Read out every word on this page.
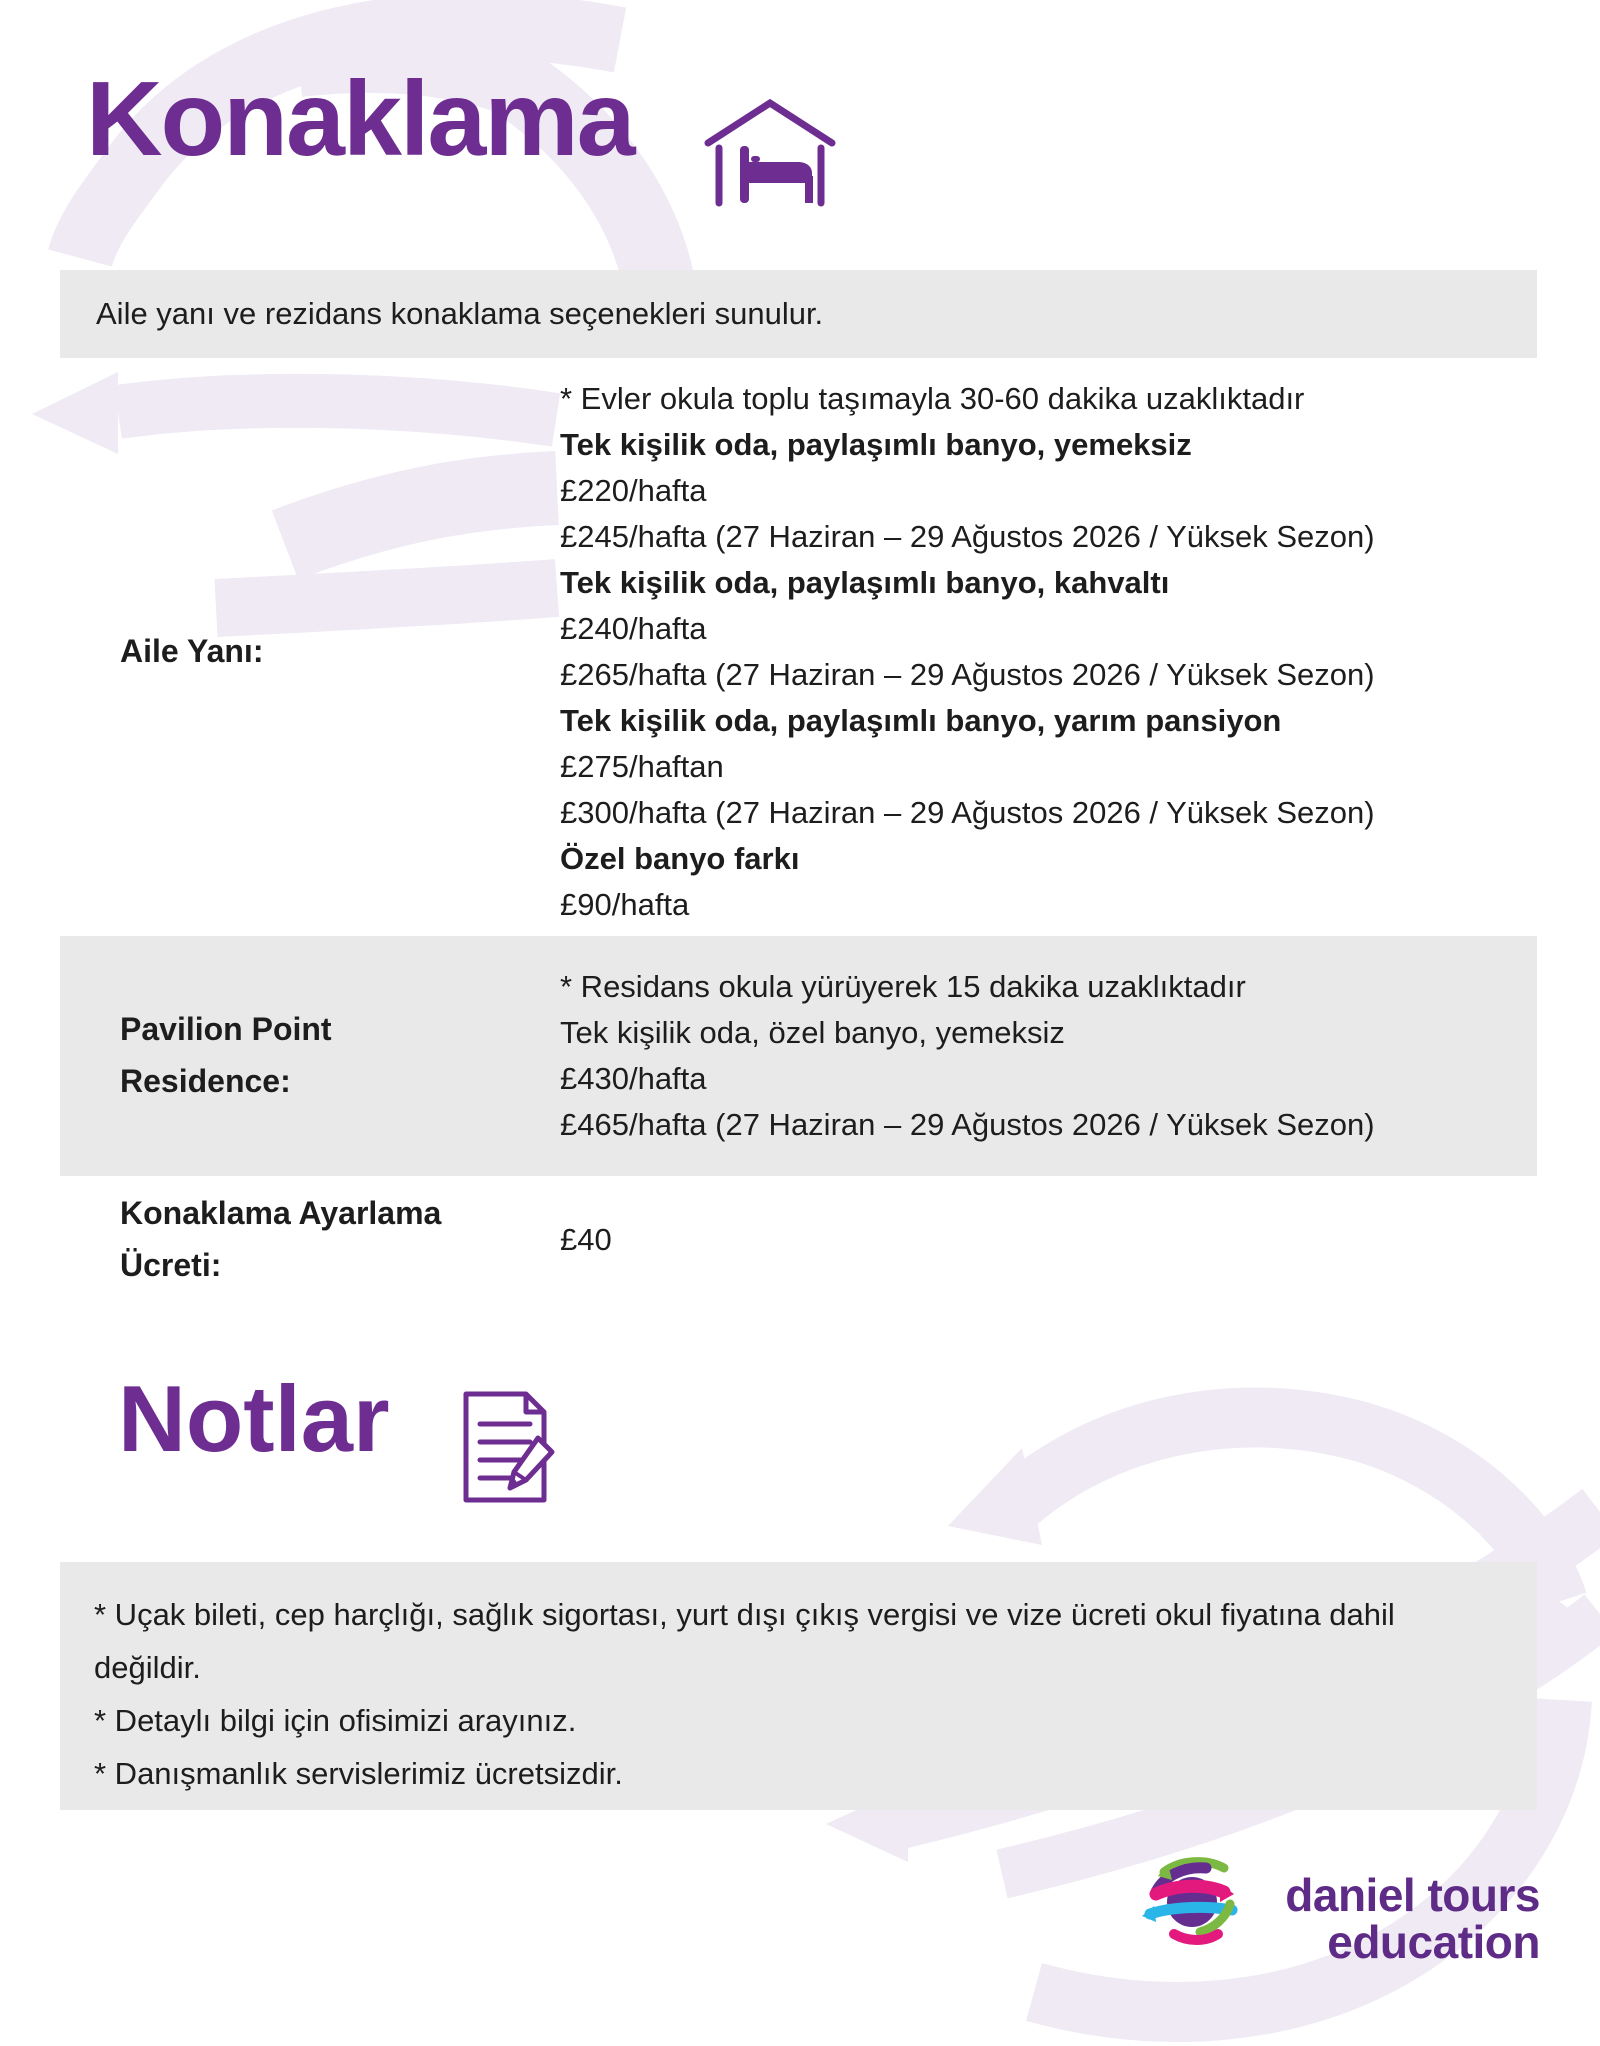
Konaklama
Aile yanı ve rezidans konaklama seçenekleri sunulur.
Aile Yanı:
* Evler okula toplu taşımayla 30-60 dakika uzaklıktadır
Tek kişilik oda, paylaşımlı banyo, yemeksiz
£220/hafta
£245/hafta (27 Haziran – 29 Ağustos 2026 / Yüksek Sezon)
Tek kişilik oda, paylaşımlı banyo, kahvaltı
£240/hafta
£265/hafta (27 Haziran – 29 Ağustos 2026 / Yüksek Sezon)
Tek kişilik oda, paylaşımlı banyo, yarım pansiyon
£275/haftan
£300/hafta (27 Haziran – 29 Ağustos 2026 / Yüksek Sezon)
Özel banyo farkı
£90/hafta
Pavilion Point Residence:
* Residans okula yürüyerek 15 dakika uzaklıktadır
Tek kişilik oda, özel banyo, yemeksiz
£430/hafta
£465/hafta (27 Haziran – 29 Ağustos 2026 / Yüksek Sezon)
Konaklama Ayarlama Ücreti:
£40
Notlar
* Uçak bileti, cep harçlığı, sağlık sigortası, yurt dışı çıkış vergisi ve vize ücreti okul fiyatına dahil değildir.
* Detaylı bilgi için ofisimizi arayınız.
* Danışmanlık servislerimiz ücretsizdir.
daniel tours
education
